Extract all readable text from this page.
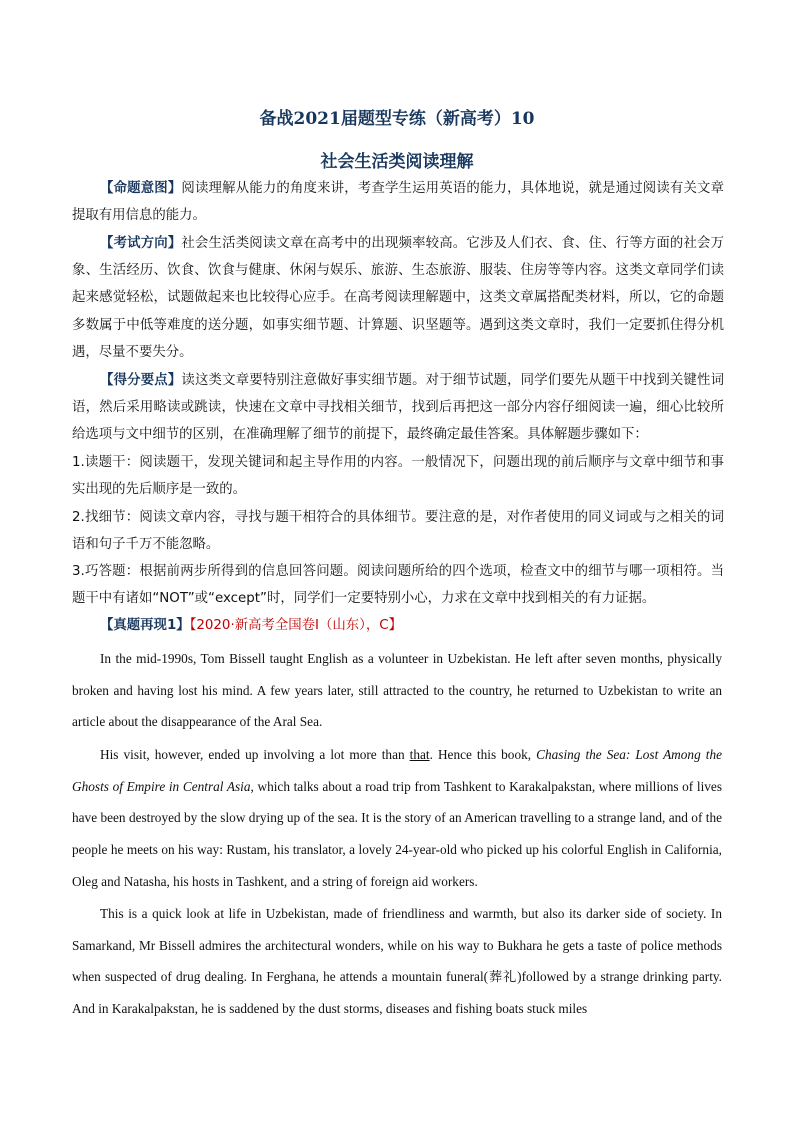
备战2021届题型专练（新高考）10
社会生活类阅读理解

【命题意图】阅读理解从能力的角度来讲，考查学生运用英语的能力，具体地说，就是通过阅读有关文章提取有用信息的能力。

【考试方向】社会生活类阅读文章在高考中的出现频率较高。它涉及人们衣、食、住、行等方面的社会万象、生活经历、饮食、饮食与健康、休闲与娱乐、旅游、生态旅游、服装、住房等等内容。这类文章同学们读起来感觉轻松，试题做起来也比较得心应手。在高考阅读理解题中，这类文章属搭配类材料，所以，它的命题多数属于中低等难度的送分题，如事实细节题、计算题、识坚题等。遇到这类文章时，我们一定要抓住得分机遇，尽量不要失分。

【得分要点】读这类文章要特别注意做好事实细节题。对于细节试题，同学们要先从题干中找到关键性词语，然后采用略读或跳读，快速在文章中寻找相关细节，找到后再把这一部分内容仔细阅读一遍，细心比较所给选项与文中细节的区别，在准确理解了细节的前提下，最终确定最佳答案。具体解题步骤如下：

1.读题干：阅读题干，发现关键词和起主导作用的内容。一般情况下，问题出现的前后顺序与文章中细节和事实出现的先后顺序是一致的。

2.找细节：阅读文章内容，寻找与题干相符合的具体细节。要注意的是，对作者使用的同义词或与之相关的词语和句子千万不能忽略。

3.巧答题：根据前两步所得到的信息回答问题。阅读问题所给的四个选项，检查文中的细节与哪一项相符。当题干中有诸如“NOT”或“except”时，同学们一定要特别小心，力求在文章中找到相关的有力证据。

【真题再现1】【2020·新高考全国卷I（山东），C】

In the mid-1990s, Tom Bissell taught English as a volunteer in Uzbekistan. He left after seven months, physically broken and having lost his mind. A few years later, still attracted to the country, he returned to Uzbekistan to write an article about the disappearance of the Aral Sea.

His visit, however, ended up involving a lot more than that. Hence this book, Chasing the Sea: Lost Among the Ghosts of Empire in Central Asia, which talks about a road trip from Tashkent to Karakalpakstan, where millions of lives have been destroyed by the slow drying up of the sea. It is the story of an American travelling to a strange land, and of the people he meets on his way: Rustam, his translator, a lovely 24-year-old who picked up his colorful English in California, Oleg and Natasha, his hosts in Tashkent, and a string of foreign aid workers.

This is a quick look at life in Uzbekistan, made of friendliness and warmth, but also its darker side of society. In Samarkand, Mr Bissell admires the architectural wonders, while on his way to Bukhara he gets a taste of police methods when suspected of drug dealing. In Ferghana, he attends a mountain funeral(葬礼)followed by a strange drinking party. And in Karakalpakstan, he is saddened by the dust storms, diseases and fishing boats stuck miles
